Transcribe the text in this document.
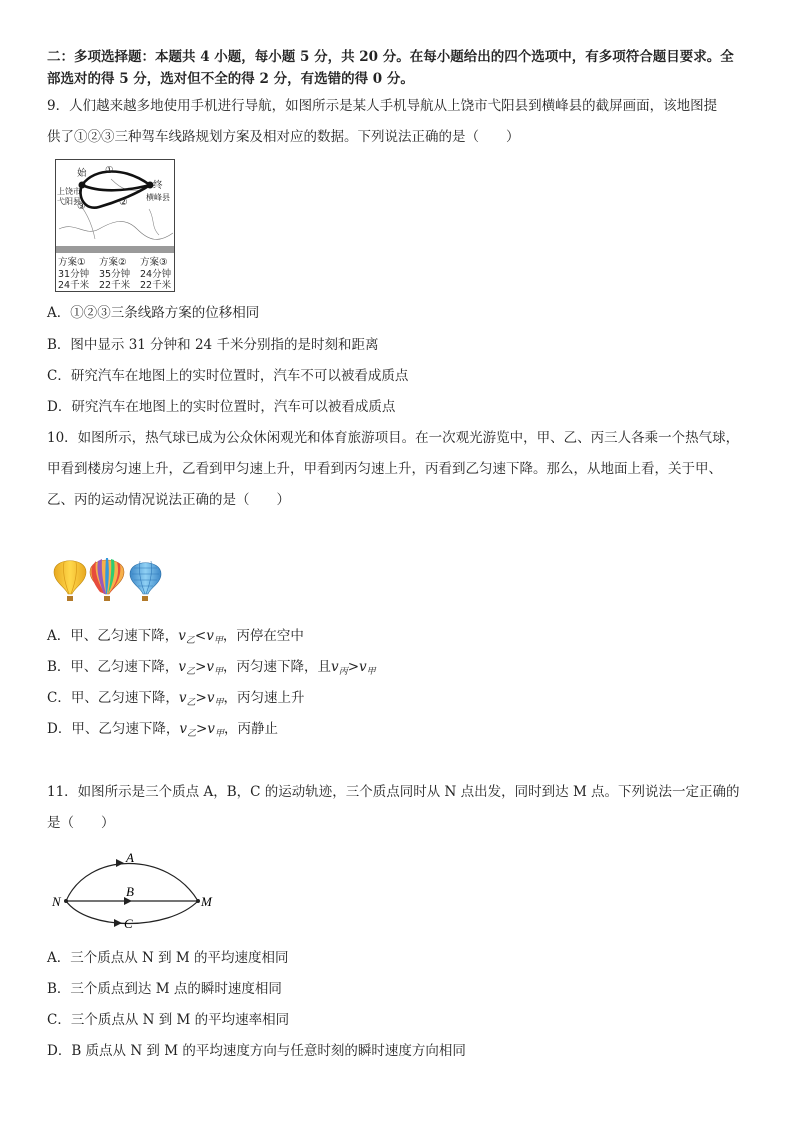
二：多项选择题：本题共 4 小题，每小题 5 分，共 20 分。在每小题给出的四个选项中，有多项符合题目要求。全
部选对的得 5 分，选对但不全的得 2 分，有选错的得 0 分。
9．人们越来越多地使用手机进行导航，如图所示是某人手机导航从上饶市弋阳县到横峰县的截屏画面，该地图提
供了①②③三种驾车线路规划方案及相对应的数据。下列说法正确的是（　　）
始
终
①
②
③
上饶市
弋阳县	横峰县
方案①
31分钟
24千米
方案②
35分钟
22千米
方案③
24分钟
22千米
A．①②③三条线路方案的位移相同
B．图中显示 31 分钟和 24 千米分别指的是时刻和距离
C．研究汽车在地图上的实时位置时，汽车不可以被看成质点
D．研究汽车在地图上的实时位置时，汽车可以被看成质点
10．如图所示，热气球已成为公众休闲观光和体育旅游项目。在一次观光游览中，甲、乙、丙三人各乘一个热气球，
甲看到楼房匀速上升，乙看到甲匀速上升，甲看到丙匀速上升，丙看到乙匀速下降。那么，从地面上看，关于甲、
乙、丙的运动情况说法正确的是（　　）
A．甲、乙匀速下降，$v_乙<v_甲$，丙停在空中
B．甲、乙匀速下降，$v_乙>v_甲$，丙匀速下降，且$v_丙>v_甲$
C．甲、乙匀速下降，$v_乙>v_甲$，丙匀速上升
D．甲、乙匀速下降，$v_乙>v_甲$，丙静止
11．如图所示是三个质点 A，B，C 的运动轨迹，三个质点同时从 N 点出发，同时到达 M 点。下列说法一定正确的
是（　　）
A
B
C
N	M
A．三个质点从 N 到 M 的平均速度相同
B．三个质点到达 M 点的瞬时速度相同
C．三个质点从 N 到 M 的平均速率相同
D．B 质点从 N 到 M 的平均速度方向与任意时刻的瞬时速度方向相同
